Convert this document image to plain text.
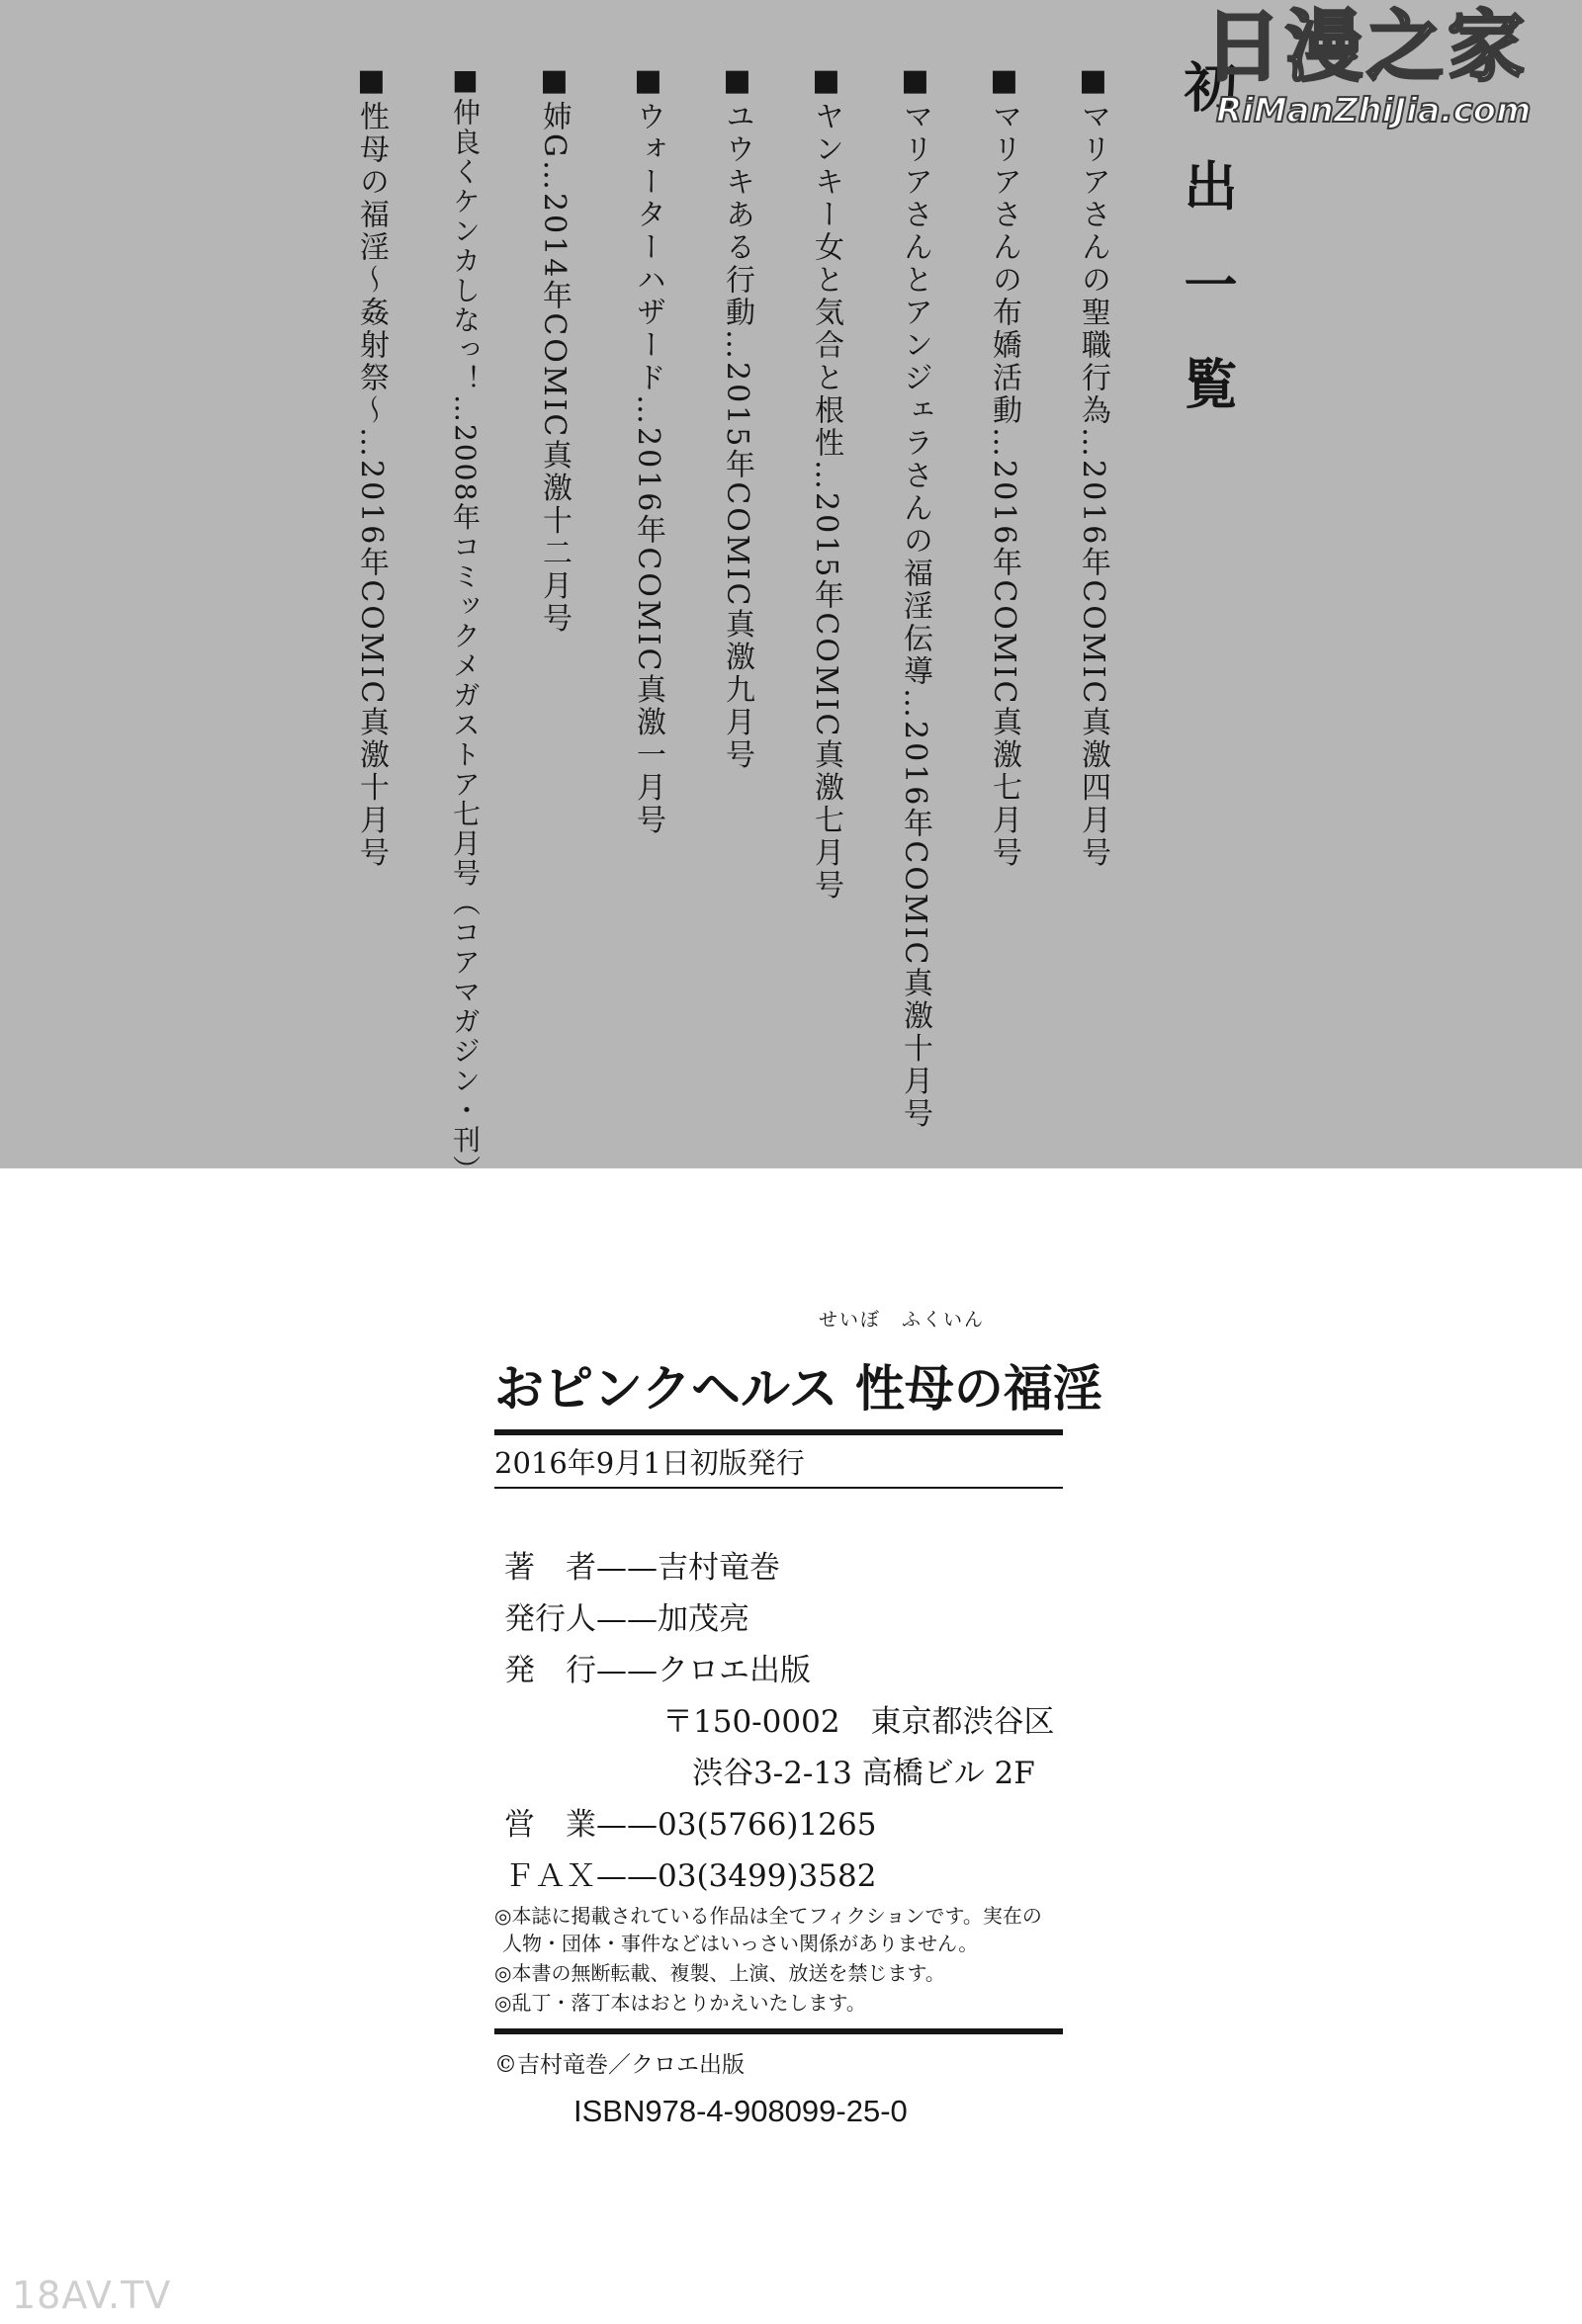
初出一覧
■マリアさんの聖職行為…2016年COMIC真激四月号
■マリアさんの布嬌活動…2016年COMIC真激七月号
■マリアさんとアンジェラさんの福淫伝導…2016年COMIC真激十月号
■ヤンキー女と気合と根性…2015年COMIC真激七月号
■ユウキある行動…2015年COMIC真激九月号
■ウォーターハザード…2016年COMIC真激一月号
■姉G…2014年COMIC真激十二月号
■仲良くケンカしなっ！…2008年コミックメガストア七月号（コアマガジン・刊）
■性母の福淫～姦射祭～…2016年COMIC真激十月号
日漫之家
RiManZhiJia.com
せいぼ　ふくいん
おピンクヘルス 性母の福淫
2016年9月1日初版発行
著　者——吉村竜巻
発行人——加茂亮
発　行——クロエ出版
〒150-0002　東京都渋谷区
渋谷3-2-13 高橋ビル 2F
営　業——03(5766)1265
ＦＡＸ——03(3499)3582
◎本誌に掲載されている作品は全てフィクションです。実在の
人物・団体・事件などはいっさい関係がありません。
◎本書の無断転載、複製、上演、放送を禁じます。
◎乱丁・落丁本はおとりかえいたします。
©吉村竜巻／クロエ出版
ISBN978-4-908099-25-0
18AV.TV
